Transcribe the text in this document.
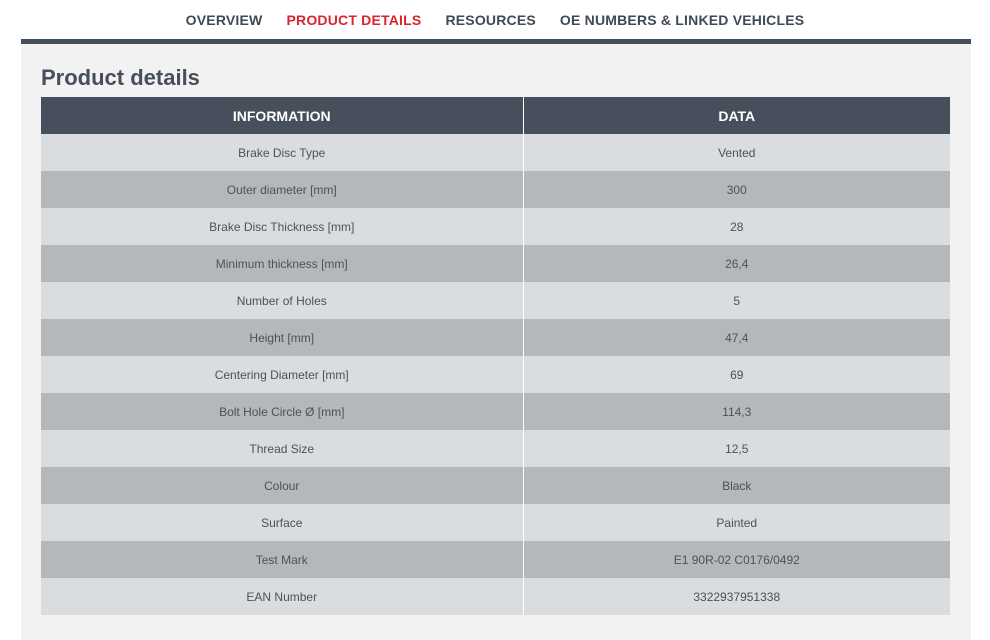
OVERVIEW PRODUCT DETAILS RESOURCES OE NUMBERS & LINKED VEHICLES
Product details
INFORMATION	DATA
Brake Disc Type	Vented
Outer diameter [mm]	300
Brake Disc Thickness [mm]	28
Minimum thickness [mm]	26,4
Number of Holes	5
Height [mm]	47,4
Centering Diameter [mm]	69
Bolt Hole Circle Ø [mm]	114,3
Thread Size	12,5
Colour	Black
Surface	Painted
Test Mark	E1 90R-02 C0176/0492
EAN Number	3322937951338
